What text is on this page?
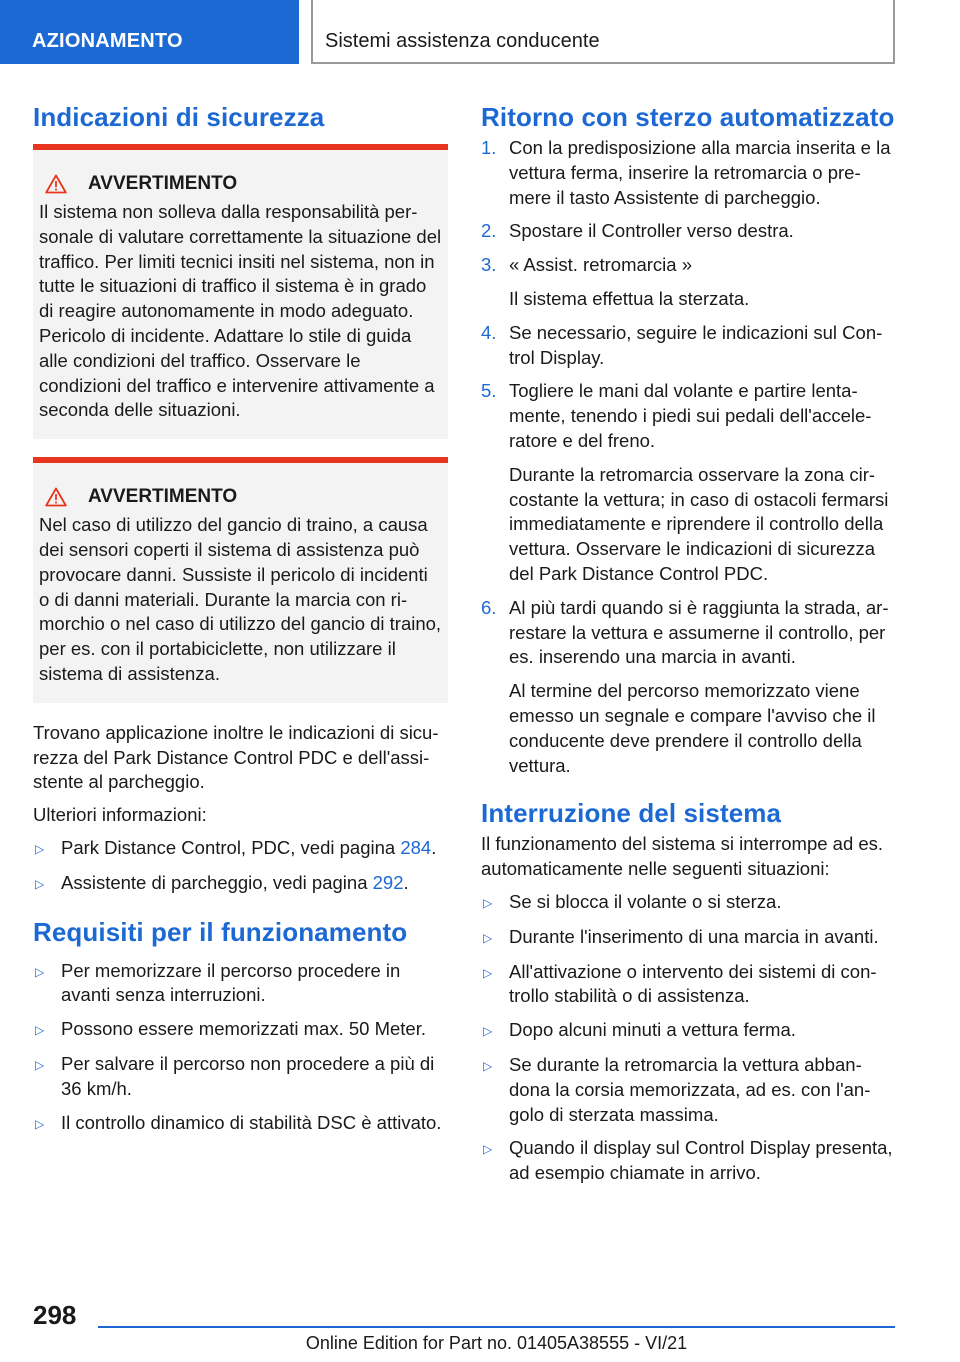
AZIONAMENTO	Sistemi assistenza conducente
Indicazioni di sicurezza
AVVERTIMENTO
Il sistema non solleva dalla responsabilità personale di valutare correttamente la situazione del traffico. Per limiti tecnici insiti nel sistema, non in tutte le situazioni di traffico il sistema è in grado di reagire autonomamente in modo adeguato. Pericolo di incidente. Adattare lo stile di guida alle condizioni del traffico. Osservare le condizioni del traffico e intervenire attivamente a seconda delle situazioni.
AVVERTIMENTO
Nel caso di utilizzo del gancio di traino, a causa dei sensori coperti il sistema di assistenza può provocare danni. Sussiste il pericolo di incidenti o di danni materiali. Durante la marcia con rimorchio o nel caso di utilizzo del gancio di traino, per es. con il portabiciclette, non utilizzare il sistema di assistenza.

Trovano applicazione inoltre le indicazioni di sicurezza del Park Distance Control PDC e dell'assistente al parcheggio.

Ulteriori informazioni:

▷
Park Distance Control, PDC, vedi pagina 284.
▷
Assistente di parcheggio, vedi pagina 292.
Requisiti per il funzionamento
▷
Per memorizzare il percorso procedere in avanti senza interruzioni.
▷
Possono essere memorizzati max. 50 Meter.
▷
Per salvare il percorso non procedere a più di 36 km/h.
▷
Il controllo dinamico di stabilità DSC è attivato.
Ritorno con sterzo automatizzato
1. Con la predisposizione alla marcia inserita e la vettura ferma, inserire la retromarcia o premere il tasto Assistente di parcheggio.

2. Spostare il Controller verso destra.

3. « Assist. retromarcia »

Il sistema effettua la sterzata.

4. Se necessario, seguire le indicazioni sul Control Display.

5. Togliere le mani dal volante e partire lentamente, tenendo i piedi sui pedali dell'acceleratore e del freno.

Durante la retromarcia osservare la zona circostante la vettura; in caso di ostacoli fermarsi immediatamente e riprendere il controllo della vettura. Osservare le indicazioni di sicurezza del Park Distance Control PDC.

6. Al più tardi quando si è raggiunta la strada, arrestare la vettura e assumerne il controllo, per es. inserendo una marcia in avanti.

Al termine del percorso memorizzato viene emesso un segnale e compare l'avviso che il conducente deve prendere il controllo della vettura.

Interruzione del sistema

Il funzionamento del sistema si interrompe ad es. automaticamente nelle seguenti situazioni:

▷
Se si blocca il volante o si sterza.
▷
Durante l'inserimento di una marcia in avanti.
▷
All'attivazione o intervento dei sistemi di controllo stabilità o di assistenza.
▷
Dopo alcuni minuti a vettura ferma.
▷
Se durante la retromarcia la vettura abbandona la corsia memorizzata, ad es. con l'angolo di sterzata massima.
▷
Quando il display sul Control Display presenta, ad esempio chiamate in arrivo.
298
Online Edition for Part no. 01405A38555 - VI/21
